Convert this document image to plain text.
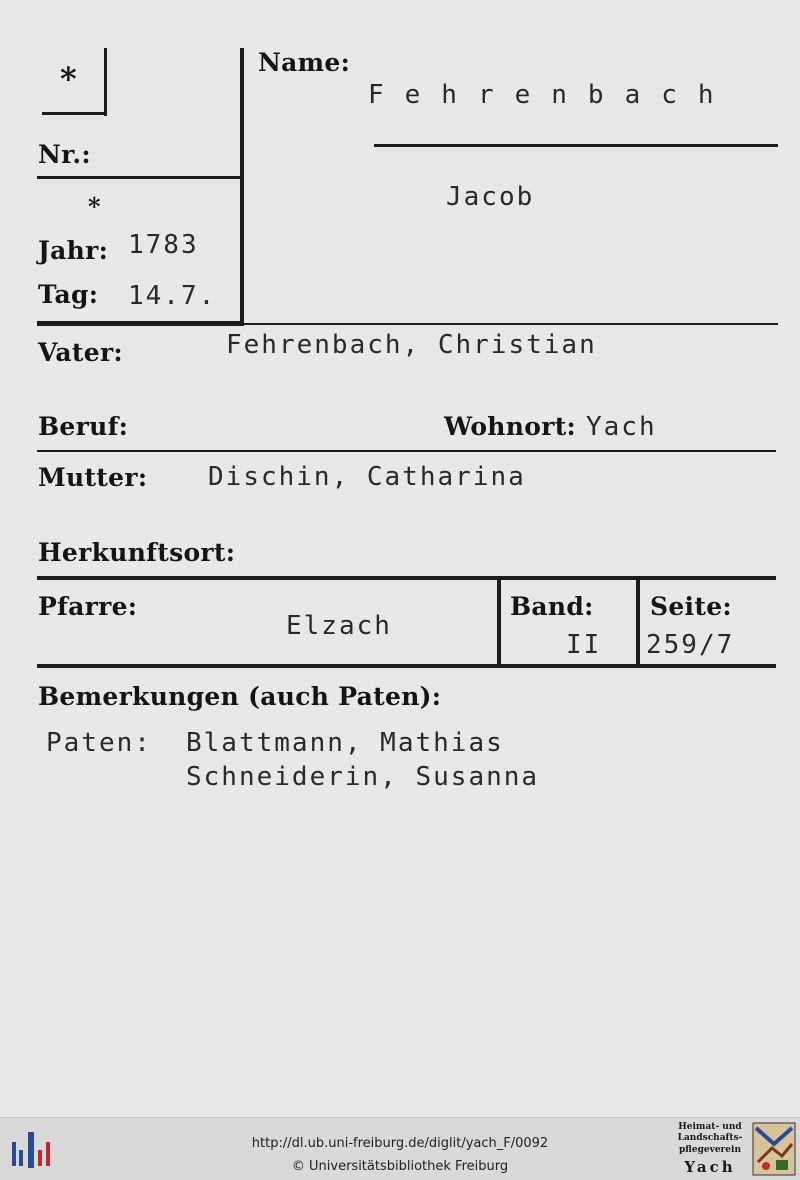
*
Nr.:
*
Jahr: 1783
Tag: 14.7.
Name:
Fehrenbach
Jacob
Vater:	Fehrenbach, Christian
Beruf:	Wohnort: Yach
Mutter: Dischin, Catharina
Herkunftsort:
Pfarre:
Elzach
Band:
II
Seite:
259/7
Bemerkungen (auch Paten):
Paten: Blattmann, Mathias
Schneiderin, Susanna
http://dl.ub.uni-freiburg.de/diglit/yach_F/0092
© Universitätsbibliothek Freiburg
Heimat- und
Landschafts-
pflegeverein
Yach
